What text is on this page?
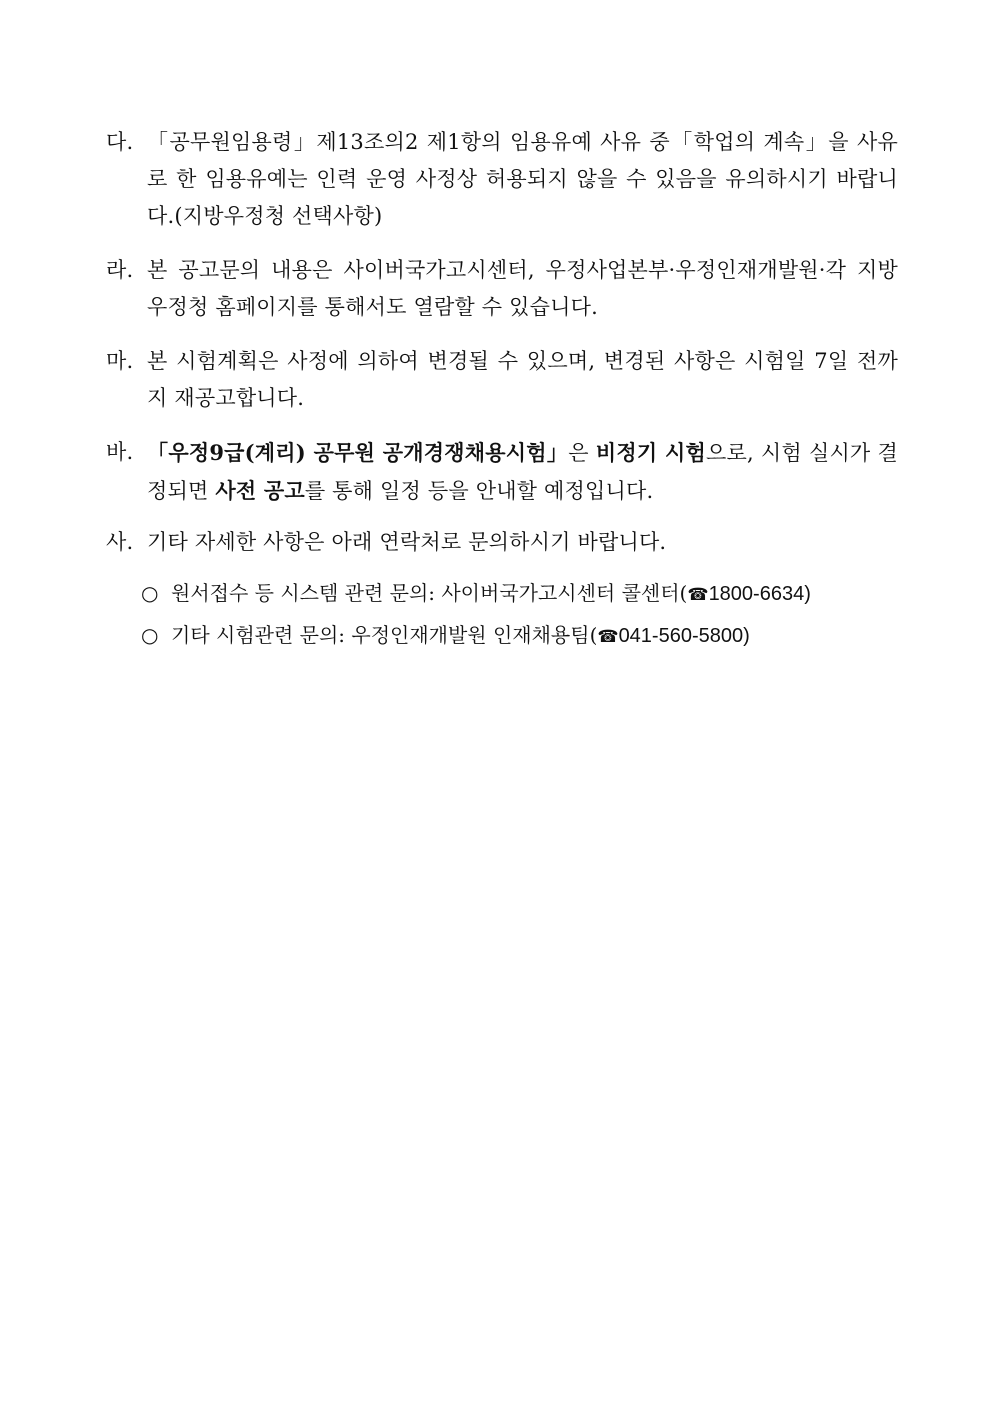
다. 「공무원임용령」제13조의2 제1항의 임용유예 사유 중「학업의 계속」을 사유로 한 임용유예는 인력 운영 사정상 허용되지 않을 수 있음을 유의하시기 바랍니다.(지방우정청 선택사항)
라. 본 공고문의 내용은 사이버국가고시센터, 우정사업본부·우정인재개발원·각 지방우정청 홈페이지를 통해서도 열람할 수 있습니다.
마. 본 시험계획은 사정에 의하여 변경될 수 있으며, 변경된 사항은 시험일 7일 전까지 재공고합니다.
바. 「우정9급(계리) 공무원 공개경쟁채용시험」은 비정기 시험으로, 시험 실시가 결정되면 사전 공고를 통해 일정 등을 안내할 예정입니다.
사. 기타 자세한 사항은 아래 연락처로 문의하시기 바랍니다.
○ 원서접수 등 시스템 관련 문의: 사이버국가고시센터 콜센터(☎1800-6634)
○ 기타 시험관련 문의: 우정인재개발원 인재채용팀(☎041-560-5800)
